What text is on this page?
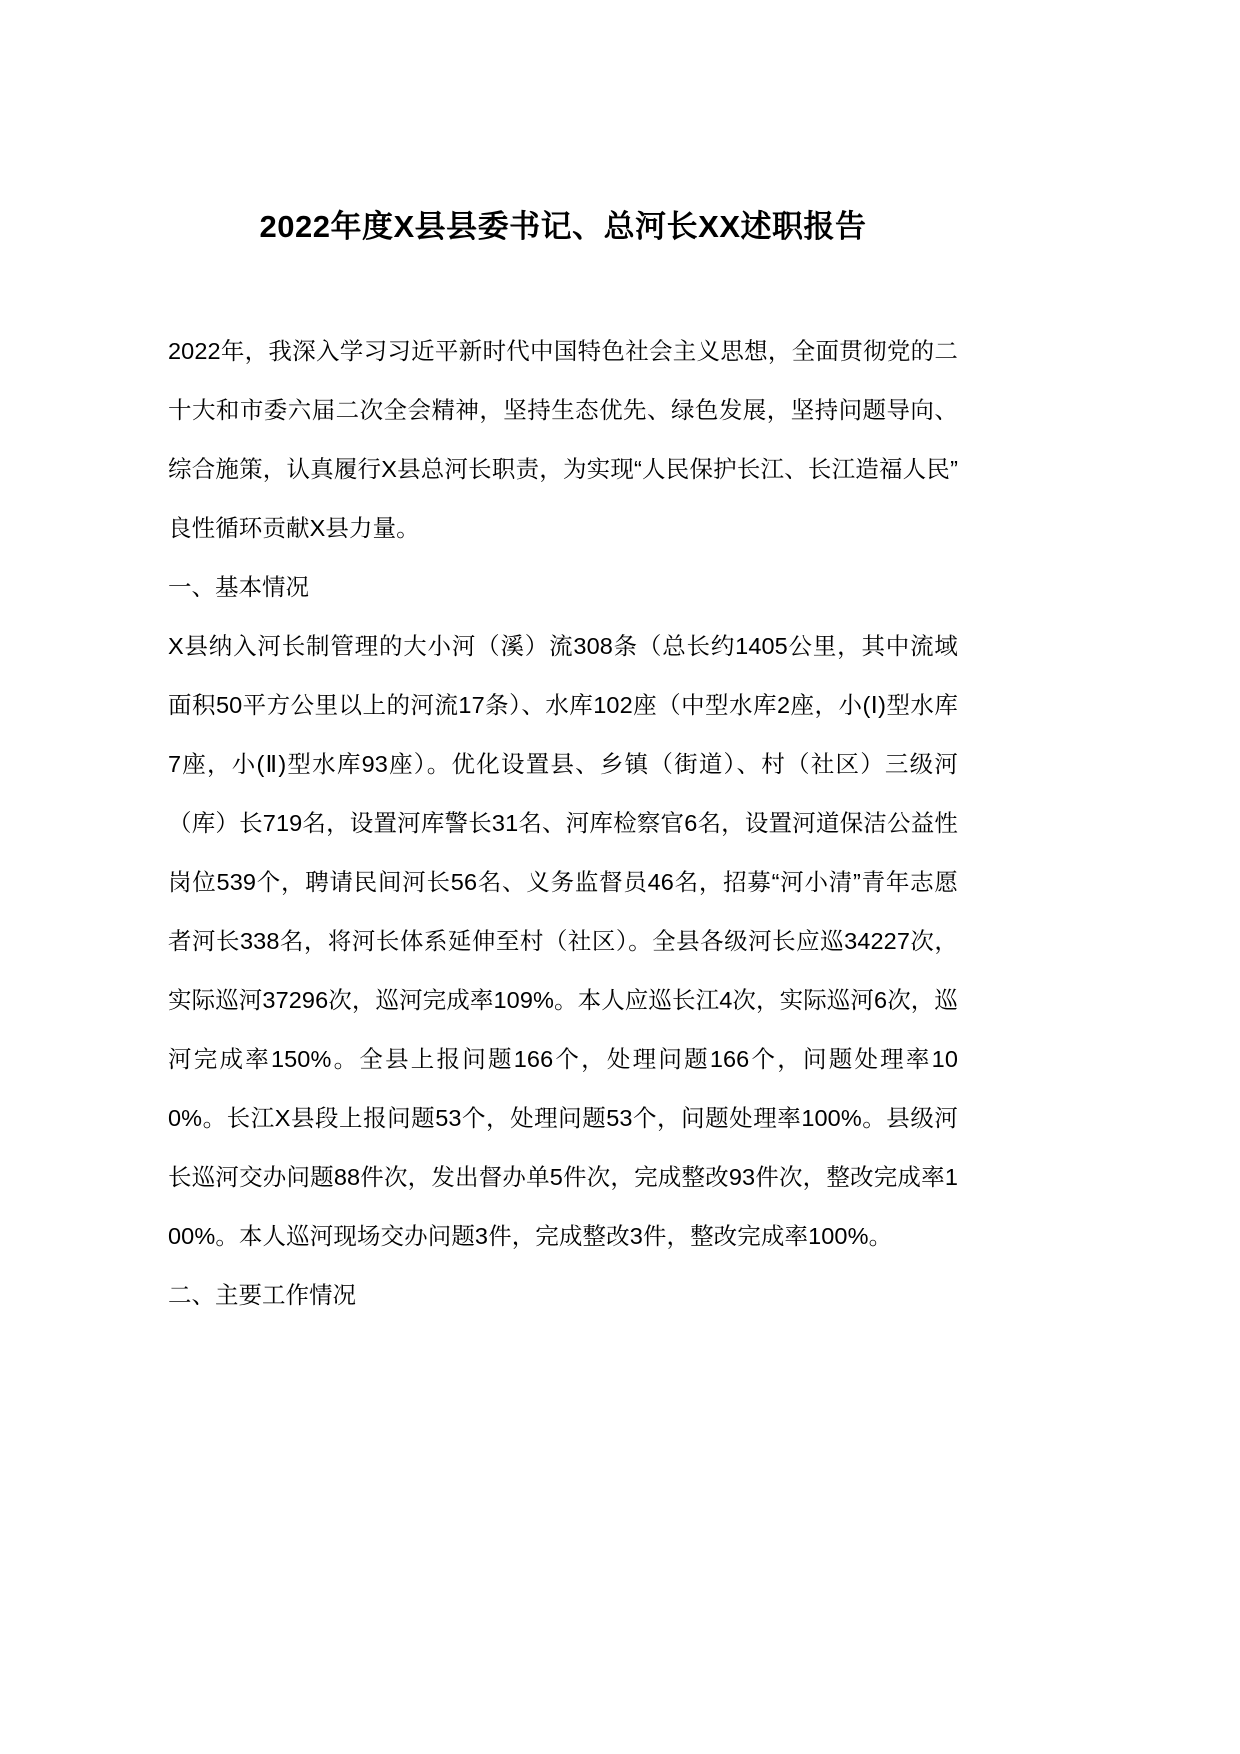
2022年度X县县委书记、总河长XX述职报告

2022年，我深入学习习近平新时代中国特色社会主义思想，全面贯彻党的二十大和市委六届二次全会精神，坚持生态优先、绿色发展，坚持问题导向、综合施策，认真履行X县总河长职责，为实现“人民保护长江、长江造福人民”良性循环贡献X县力量。

一、基本情况

X县纳入河长制管理的大小河（溪）流308条（总长约1405公里，其中流域面积50平方公里以上的河流17条）、水库102座（中型水库2座，小(Ⅰ)型水库7座，小(Ⅱ)型水库93座）。优化设置县、乡镇（街道）、村（社区）三级河（库）长719名，设置河库警长31名、河库检察官6名，设置河道保洁公益性岗位539个，聘请民间河长56名、义务监督员46名，招募“河小清”青年志愿者河长338名，将河长体系延伸至村（社区）。全县各级河长应巡34227次，实际巡河37296次，巡河完成率109%。本人应巡长江4次，实际巡河6次，巡河完成率150%。全县上报问题166个，处理问题166个，问题处理率100%。长江X县段上报问题53个，处理问题53个，问题处理率100%。县级河长巡河交办问题88件次，发出督办单5件次，完成整改93件次，整改完成率100%。本人巡河现场交办问题3件，完成整改3件，整改完成率100%。

二、主要工作情况
